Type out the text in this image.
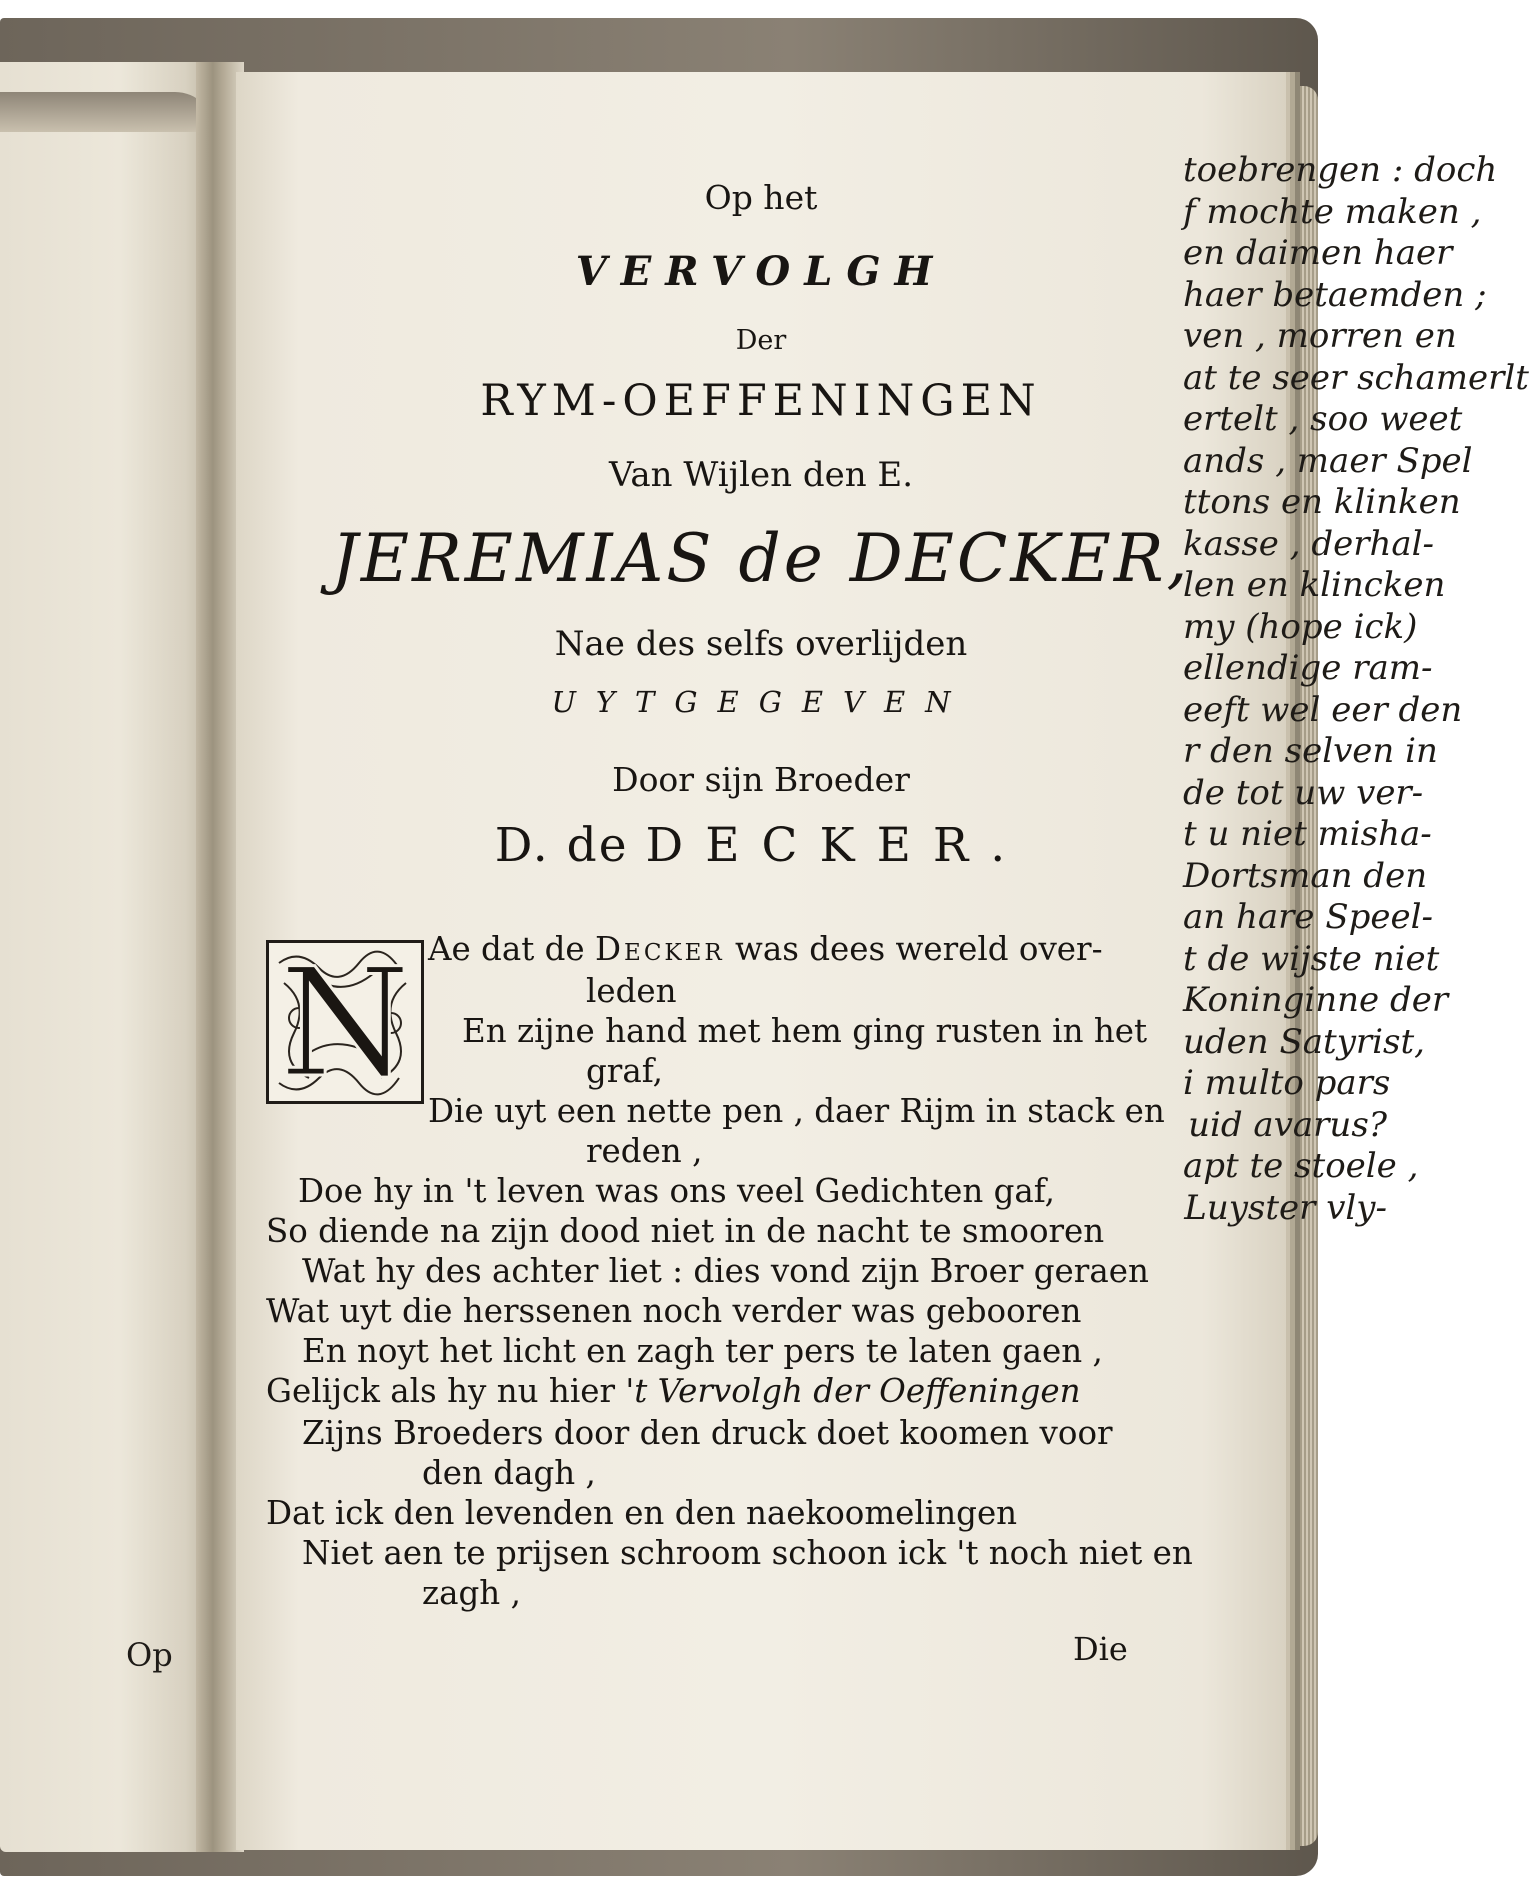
toebrengen : doch
f mochte maken ,
en daimen haer
haer betaemden ;
ven , morren en
at te seer schamerlt
ertelt , soo weet
ands , maer Spel
ttons en klinken
kasse , derhal-
len en klincken
my (hope ick)
ellendige ram-
eeft wel eer den
r den selven in
de tot uw ver-
t u niet misha-
Dortsman den
an hare Speel-
t de wijste niet
Koninginne der
uden Satyrist,
i multo pars
uid avarus?
apt te stoele ,
Luyster vly-
Op
Op het
VERVOLGH
Der
RYM-OEFFENINGEN
Van Wijlen den E.
JEREMIAS de DECKER,
Nae des selfs overlijden
UYTGEGEVEN
Door sijn Broeder
D. de DECKER.
N Ae dat de Decker was dees wereld over-
leden
En zijne hand met hem ging rusten in het
graf,
Die uyt een nette pen , daer Rijm in stack en
reden ,
Doe hy in 't leven was ons veel Gedichten gaf,
So diende na zijn dood niet in de nacht te smooren
Wat hy des achter liet : dies vond zijn Broer geraen
Wat uyt die herssenen noch verder was gebooren
En noyt het licht en zagh ter pers te laten gaen ,
Gelijck als hy nu hier 't Vervolgh der Oeffeningen
Zijns Broeders door den druck doet koomen voor
den dagh ,
Dat ick den levenden en den naekoomelingen
Niet aen te prijsen schroom schoon ick 't noch niet en
zagh ,
Die
